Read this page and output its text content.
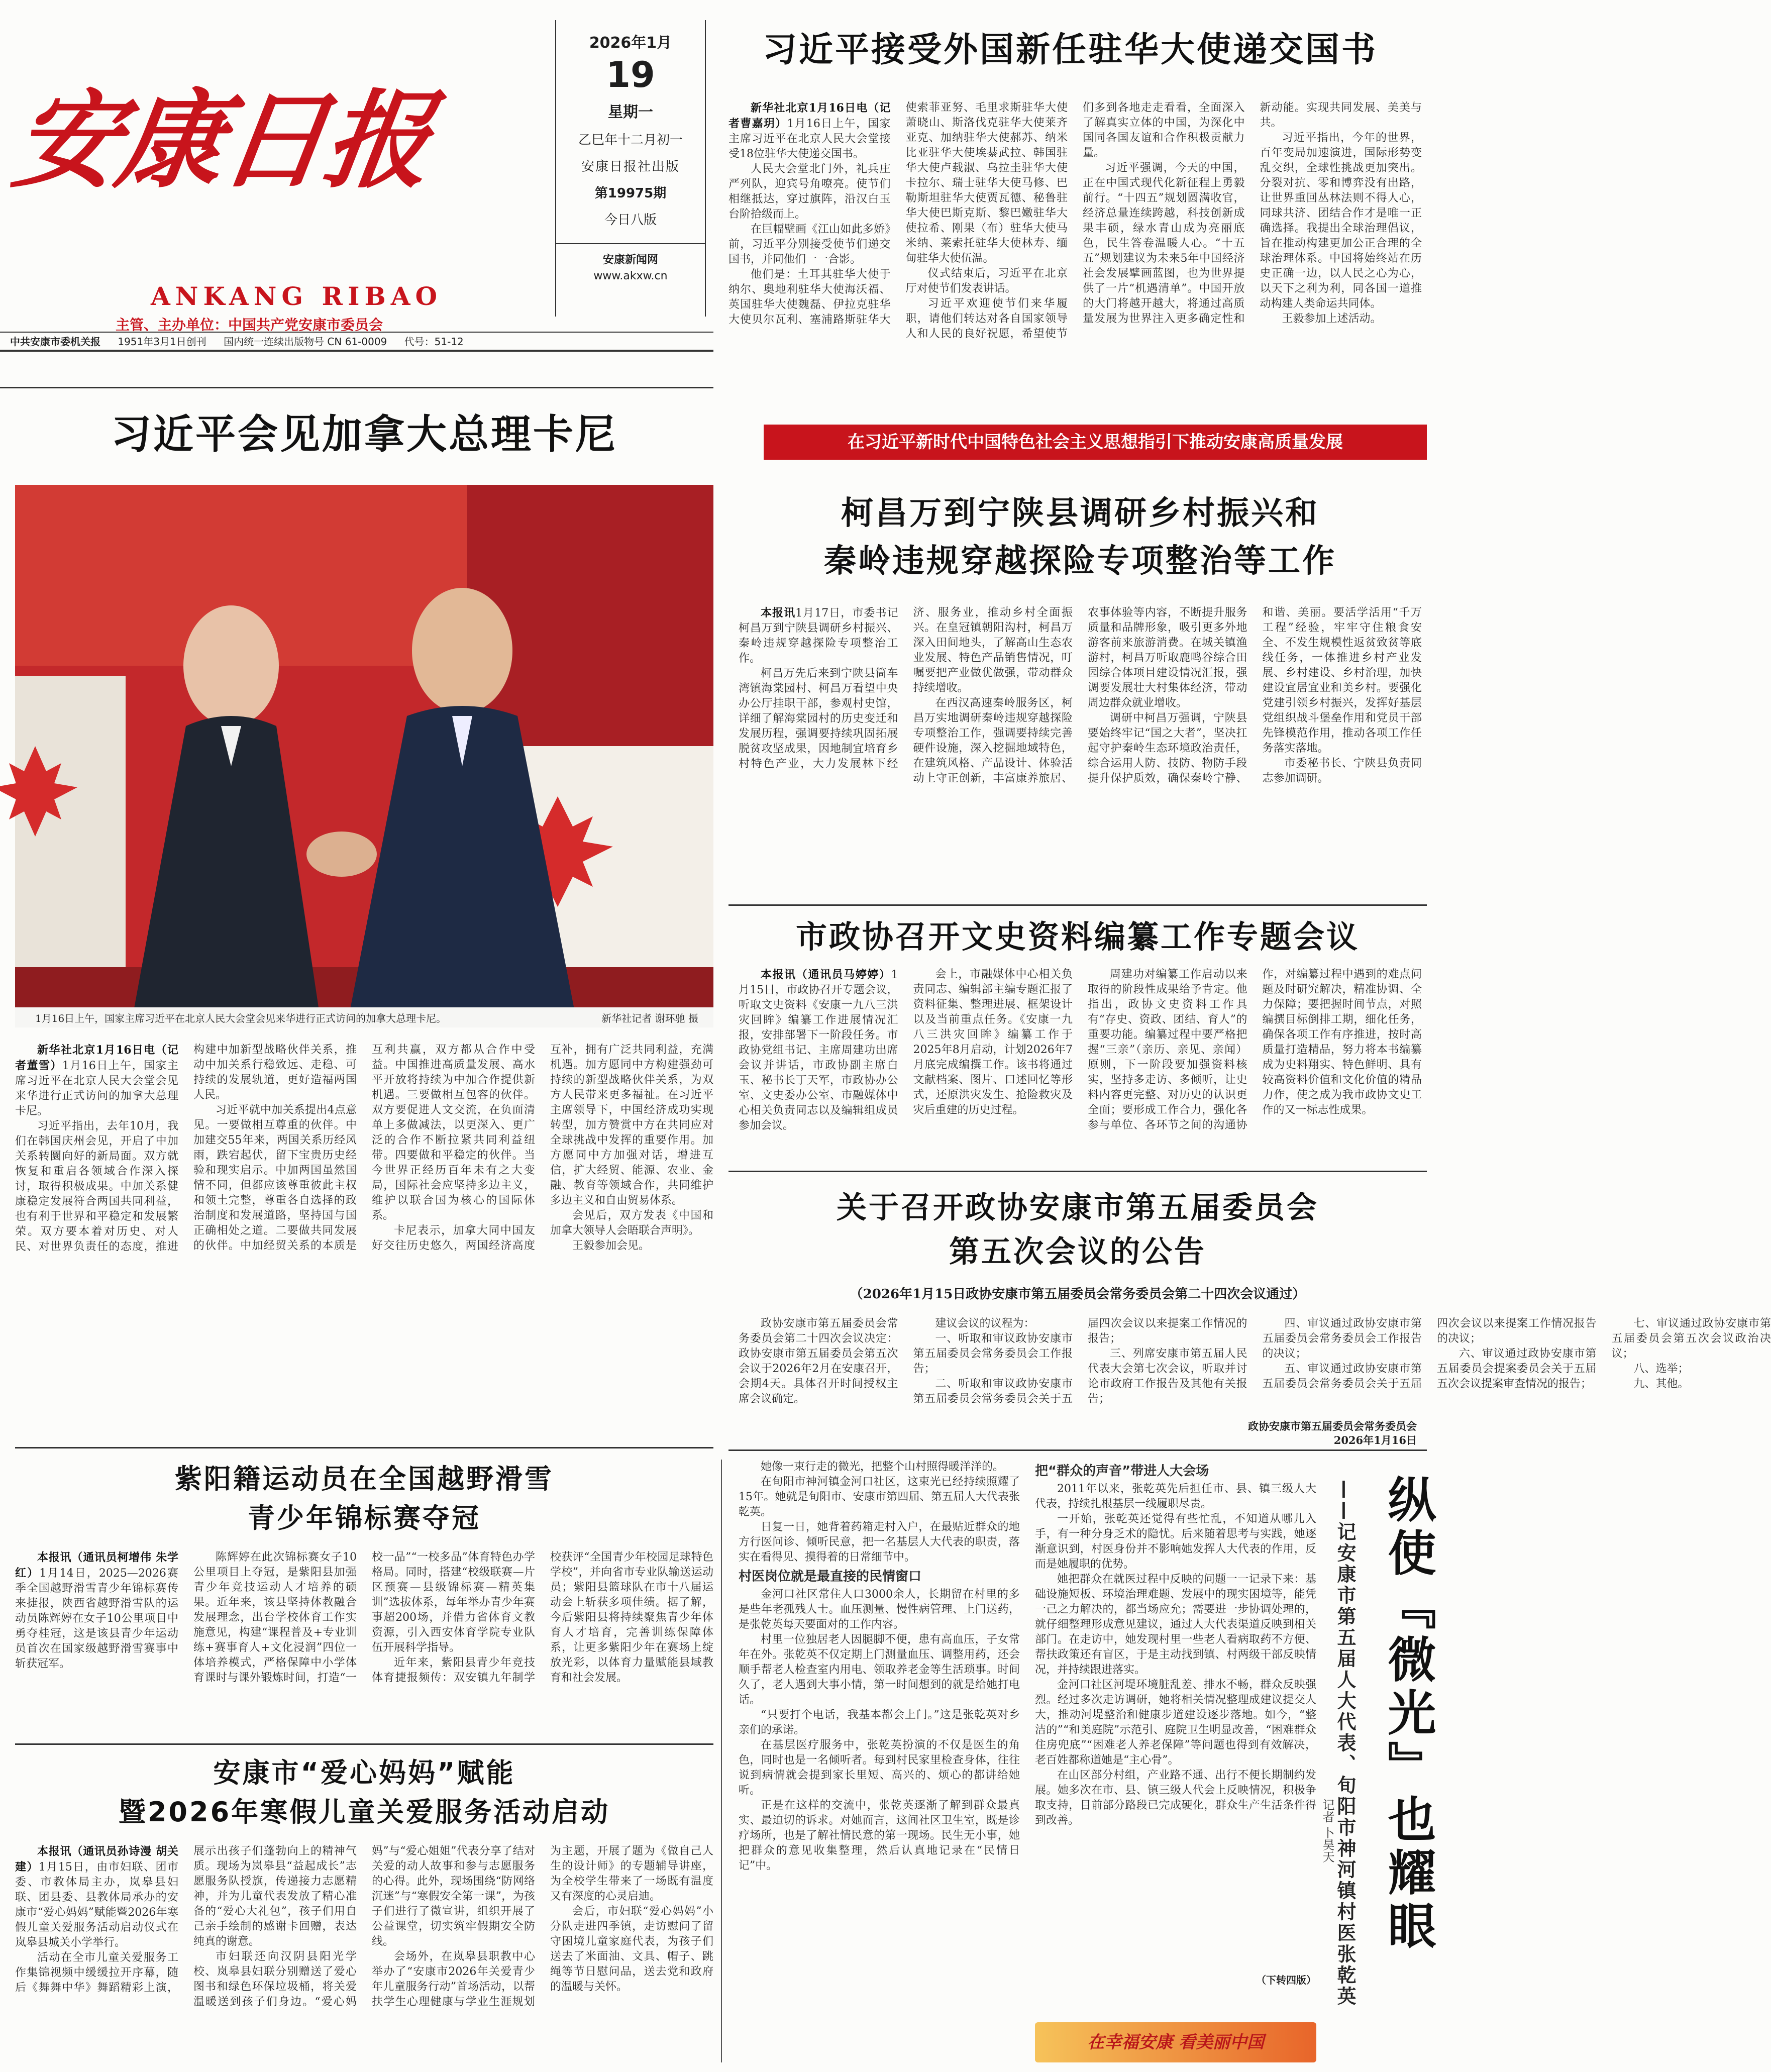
安康日报
ANKANG RIBAO
主管、主办单位：中国共产党安康市委员会
2026年1月
19
星期一
乙巳年十二月初一
安康日报社出版
第19975期
今日八版
安康新闻网
www.akxw.cn
中共安康市委机关报 1951年3月1日创刊 国内统一连续出版物号 CN 61-0009 代号：51-12
习近平接受外国新任驻华大使递交国书

新华社北京1月16日电（记者曹嘉玥）1月16日上午，国家主席习近平在北京人民大会堂接受18位驻华大使递交国书。

人民大会堂北门外，礼兵庄严列队，迎宾号角嘹亮。使节们相继抵达，穿过旗阵，沿汉白玉台阶拾级而上。

在巨幅壁画《江山如此多娇》前，习近平分别接受使节们递交国书，并同他们一一合影。

他们是：土耳其驻华大使于纳尔、奥地利驻华大使海沃福、英国驻华大使魏磊、伊拉克驻华大使贝尔瓦利、塞浦路斯驻华大使索菲亚努、毛里求斯驻华大使萧晓山、斯洛伐克驻华大使莱齐亚克、加纳驻华大使郝苏、纳米比亚驻华大使埃綦武拉、韩国驻华大使卢载淑、乌拉圭驻华大使卡拉尔、瑞士驻华大使马修、巴勒斯坦驻华大使贾瓦德、秘鲁驻华大使巴斯克斯、黎巴嫩驻华大使拉希、刚果（布）驻华大使马米纳、莱索托驻华大使林寿、缅甸驻华大使伍温。

仪式结束后，习近平在北京厅对使节们发表讲话。

习近平欢迎使节们来华履职，请他们转达对各自国家领导人和人民的良好祝愿，希望使节们多到各地走走看看，全面深入了解真实立体的中国，为深化中国同各国友谊和合作积极贡献力量。

习近平强调，今天的中国，正在中国式现代化新征程上勇毅前行。“十四五”规划圆满收官，经济总量连续跨越，科技创新成果丰硕，绿水青山成为亮丽底色，民生答卷温暖人心。“十五五”规划建议为未来5年中国经济社会发展擘画蓝图，也为世界提供了一片“机遇清单”。中国开放的大门将越开越大，将通过高质量发展为世界注入更多确定性和新动能。实现共同发展、美美与共。

习近平指出，今年的世界，百年变局加速演进，国际形势变乱交织，全球性挑战更加突出。分裂对抗、零和博弈没有出路，让世界重回丛林法则不得人心，同球共济、团结合作才是唯一正确选择。我提出全球治理倡议，旨在推动构建更加公正合理的全球治理体系。中国将始终站在历史正确一边，以人民之心为心，以天下之利为利，同各国一道推动构建人类命运共同体。

王毅参加上述活动。

习近平会见加拿大总理卡尼
1月16日上午，国家主席习近平在北京人民大会堂会见来华进行正式访问的加拿大总理卡尼。	新华社记者 谢环驰 摄

新华社北京1月16日电（记者董雪）1月16日上午，国家主席习近平在北京人民大会堂会见来华进行正式访问的加拿大总理卡尼。

习近平指出，去年10月，我们在韩国庆州会见，开启了中加关系转圜向好的新局面。双方就恢复和重启各领域合作深入探讨，取得积极成果。中加关系健康稳定发展符合两国共同利益，也有利于世界和平稳定和发展繁荣。双方要本着对历史、对人民、对世界负责任的态度，推进构建中加新型战略伙伴关系，推动中加关系行稳致远、走稳、可持续的发展轨道，更好造福两国人民。

习近平就中加关系提出4点意见。一要做相互尊重的伙伴。中加建交55年来，两国关系历经风雨，跌宕起伏，留下宝贵历史经验和现实启示。中加两国虽然国情不同，但都应该尊重彼此主权和领土完整，尊重各自选择的政治制度和发展道路，坚持国与国正确相处之道。二要做共同发展的伙伴。中加经贸关系的本质是互利共赢，双方都从合作中受益。中国推进高质量发展、高水平开放将持续为中加合作提供新机遇。三要做相互包容的伙伴。双方要促进人文交流，在负面清单上多做减法，以更深入、更广泛的合作不断拉紧共同利益纽带。四要做和平稳定的伙伴。当今世界正经历百年未有之大变局，国际社会应坚持多边主义，维护以联合国为核心的国际体系。

卡尼表示，加拿大同中国友好交往历史悠久，两国经济高度互补，拥有广泛共同利益，充满机遇。加方愿同中方构建强劲可持续的新型战略伙伴关系，为双方人民带来更多福祉。在习近平主席领导下，中国经济成功实现转型，加方赞赏中方在共同应对全球挑战中发挥的重要作用。加方愿同中方加强对话，增进互信，扩大经贸、能源、农业、金融、教育等领域合作，共同维护多边主义和自由贸易体系。

会见后，双方发表《中国和加拿大领导人会晤联合声明》。

王毅参加会见。

在习近平新时代中国特色社会主义思想指引下推动安康高质量发展
柯昌万到宁陕县调研乡村振兴和
秦岭违规穿越探险专项整治等工作

本报讯1月17日，市委书记柯昌万到宁陕县调研乡村振兴、秦岭违规穿越探险专项整治工作。

柯昌万先后来到宁陕县筒车湾镇海棠园村、柯昌万看望中央办公厅挂职干部，参观村史馆，详细了解海棠园村的历史变迁和发展历程，强调要持续巩固拓展脱贫攻坚成果，因地制宜培育乡村特色产业，大力发展林下经济、服务业，推动乡村全面振兴。在皇冠镇朝阳沟村，柯昌万深入田间地头，了解高山生态农业发展、特色产品销售情况，叮嘱要把产业做优做强，带动群众持续增收。

在西汉高速秦岭服务区，柯昌万实地调研秦岭违规穿越探险专项整治工作，强调要持续完善硬件设施，深入挖掘地域特色，在建筑风格、产品设计、体验活动上守正创新，丰富康养旅居、农事体验等内容，不断提升服务质量和品牌形象，吸引更多外地游客前来旅游消费。在城关镇渔游村，柯昌万听取鹿鸣谷综合田园综合体项目建设情况汇报，强调要发展壮大村集体经济，带动周边群众就业增收。

调研中柯昌万强调，宁陕县要始终牢记“国之大者”，坚决扛起守护秦岭生态环境政治责任，综合运用人防、技防、物防手段提升保护质效，确保秦岭宁静、和谐、美丽。要活学活用“千万工程”经验，牢牢守住粮食安全、不发生规模性返贫致贫等底线任务，一体推进乡村产业发展、乡村建设、乡村治理，加快建设宜居宜业和美乡村。要强化党建引领乡村振兴，发挥好基层党组织战斗堡垒作用和党员干部先锋模范作用，推动各项工作任务落实落地。

市委秘书长、宁陕县负责同志参加调研。

市政协召开文史资料编纂工作专题会议

本报讯（通讯员马婷婷）1月15日，市政协召开专题会议，听取文史资料《安康一九八三洪灾回眸》编纂工作进展情况汇报，安排部署下一阶段任务。市政协党组书记、主席周建功出席会议并讲话，市政协副主席白玉、秘书长丁天军，市政协办公室、文史委办公室、市融媒体中心相关负责同志以及编辑组成员参加会议。

会上，市融媒体中心相关负责同志、编辑部主编专题汇报了资料征集、整理进展、框架设计以及当前重点任务。《安康一九八三洪灾回眸》编纂工作于2025年8月启动，计划2026年7月底完成编撰工作。该书将通过文献档案、图片、口述回忆等形式，还原洪灾发生、抢险救灾及灾后重建的历史过程。

周建功对编纂工作启动以来取得的阶段性成果给予肯定。他指出，政协文史资料工作具有“存史、资政、团结、育人”的重要功能。编纂过程中要严格把握“三亲”（亲历、亲见、亲闻）原则，下一阶段要加强资料核实，坚持多走访、多倾听，让史料内容更完整、对历史的认识更全面；要形成工作合力，强化各参与单位、各环节之间的沟通协作，对编纂过程中遇到的难点问题及时研究解决，精准协调、全力保障；要把握时间节点，对照编撰目标倒排工期，细化任务，确保各项工作有序推进，按时高质量打造精品，努力将本书编纂成为史料翔实、特色鲜明、具有较高资料价值和文化价值的精品力作，使之成为我市政协文史工作的又一标志性成果。

关于召开政协安康市第五届委员会
第五次会议的公告
（2026年1月15日政协安康市第五届委员会常务委员会第二十四次会议通过）

政协安康市第五届委员会常务委员会第二十四次会议决定：政协安康市第五届委员会第五次会议于2026年2月在安康召开，会期4天。具体召开时间授权主席会议确定。

建议会议的议程为：

一、听取和审议政协安康市第五届委员会常务委员会工作报告；

二、听取和审议政协安康市第五届委员会常务委员会关于五届四次会议以来提案工作情况的报告；

三、列席安康市第五届人民代表大会第七次会议，听取并讨论市政府工作报告及其他有关报告；

四、审议通过政协安康市第五届委员会常务委员会工作报告的决议；

五、审议通过政协安康市第五届委员会常务委员会关于五届四次会议以来提案工作情况报告的决议；

六、审议通过政协安康市第五届委员会提案委员会关于五届五次会议提案审查情况的报告；

七、审议通过政协安康市第五届委员会第五次会议政治决议；

八、选举；

九、其他。

政协安康市第五届委员会常务委员会
2026年1月16日
紫阳籍运动员在全国越野滑雪
青少年锦标赛夺冠

本报讯（通讯员柯增伟 朱学红）1月14日，2025—2026赛季全国越野滑雪青少年锦标赛传来捷报，陕西省越野滑雪队的运动员陈辉婷在女子10公里项目中勇夺桂冠，这是该县青少年运动员首次在国家级越野滑雪赛事中斩获冠军。

陈辉婷在此次锦标赛女子10公里项目上夺冠，是紫阳县加强青少年竞技运动人才培养的硕果。近年来，该县坚持体教融合发展理念，出台学校体育工作实施意见，构建“课程普及+专业训练+赛事育人+文化浸润”四位一体培养模式，严格保障中小学体育课时与课外锻炼时间，打造“一校一品”“一校多品”体育特色办学格局。同时，搭建“校级联赛—片区预赛—县级锦标赛—精英集训”选拔体系，每年举办青少年赛事超200场，并借力省体育文教资源，引入西安体育学院专业队伍开展科学指导。

近年来，紫阳县青少年竞技体育捷报频传：双安镇九年制学校获评“全国青少年校园足球特色学校”，并向省市专业队输送运动员；紫阳县篮球队在市十八届运动会上斩获多项佳绩。据了解，今后紫阳县将持续聚焦青少年体育人才培育，完善训练保障体系，让更多紫阳少年在赛场上绽放光彩，以体育力量赋能县域教育和社会发展。

安康市“爱心妈妈”赋能
暨2026年寒假儿童关爱服务活动启动

本报讯（通讯员孙诗漫 胡关建）1月15日，由市妇联、团市委、市教体局主办，岚皋县妇联、团县委、县教体局承办的安康市“爱心妈妈”赋能暨2026年寒假儿童关爱服务活动启动仪式在岚皋县城关小学举行。

活动在全市儿童关爱服务工作集锦视频中缓缓拉开序幕，随后《舞舞中华》舞蹈精彩上演，展示出孩子们蓬勃向上的精神气质。现场为岚皋县“益起成长”志愿服务队授旗，传递接力志愿精神，并为儿童代表发放了精心准备的“爱心大礼包”，孩子们用自己亲手绘制的感谢卡回赠，表达纯真的谢意。

市妇联还向汉阴县阳光学校、岚皋县妇联分别赠送了爱心图书和绿色环保垃圾桶，将关爱温暖送到孩子们身边。“爱心妈妈”与“爱心姐姐”代表分享了结对关爱的动人故事和参与志愿服务的心得。此外，现场围绕“防网络沉迷”与“寒假安全第一课”，为孩子们进行了微宣讲，组织开展了公益课堂，切实筑牢假期安全防线。

会场外，在岚皋县职教中心举办了“安康市2026年关爱青少年儿童服务行动”首场活动，以帮扶学生心理健康与学业生涯规划为主题，开展了题为《做自己人生的设计师》的专题辅导讲座，为全校学生带来了一场既有温度又有深度的心灵启迪。

会后，市妇联“爱心妈妈”小分队走进四季镇，走访慰问了留守困境儿童家庭代表，为孩子们送去了米面油、文具、帽子、跳绳等节日慰问品，送去党和政府的温暖与关怀。

她像一束行走的微光，把整个山村照得暖洋洋的。

在旬阳市神河镇金河口社区，这束光已经持续照耀了15年。她就是旬阳市、安康市第四届、第五届人大代表张乾英。

日复一日，她背着药箱走村入户，在最贴近群众的地方行医问诊、倾听民意，把一名基层人大代表的职责，落实在看得见、摸得着的日常细节中。

村医岗位就是最直接的民情窗口

金河口社区常住人口3000余人，长期留在村里的多是些年老孤残人士。血压测量、慢性病管理、上门送药，是张乾英每天要面对的工作内容。

村里一位独居老人因腿脚不便，患有高血压，子女常年在外。张乾英不仅定期上门测量血压、调整用药，还会顺手帮老人检查室内用电、领取养老金等生活琐事。时间久了，老人遇到大事小情，第一时间想到的就是给她打电话。

“只要打个电话，我基本都会上门。”这是张乾英对乡亲们的承诺。

在基层医疗服务中，张乾英扮演的不仅是医生的角色，同时也是一名倾听者。每到村民家里检查身体，往往说到病情就会提到家长里短、高兴的、烦心的都讲给她听。

正是在这样的交流中，张乾英逐渐了解到群众最真实、最迫切的诉求。对她而言，这间社区卫生室，既是诊疗场所，也是了解社情民意的第一现场。民生无小事，她把群众的意见收集整理，然后认真地记录在“民情日记”中。

把“群众的声音”带进人大会场

2011年以来，张乾英先后担任市、县、镇三级人大代表，持续扎根基层一线履职尽责。

一开始，张乾英还觉得有些忙乱，不知道从哪儿入手，有一种分身乏术的隐忧。后来随着思考与实践，她逐渐意识到，村医身份并不影响她发挥人大代表的作用，反而是她履职的优势。

她把群众在就医过程中反映的问题一一记录下来：基础设施短板、环境治理难题、发展中的现实困境等，能凭一己之力解决的，都当场应允；需要进一步协调处理的，就仔细整理形成意见建议，通过人大代表渠道反映到相关部门。在走访中，她发现村里一些老人看病取药不方便、帮扶政策还有盲区，于是主动找到镇、村两级干部反映情况，并持续跟进落实。

金河口社区河堤环境脏乱差、排水不畅，群众反映强烈。经过多次走访调研，她将相关情况整理成建议提交人大，推动河堤整治和健康步道建设逐步落地。如今，“整洁的”“和美庭院”示范引、庭院卫生明显改善，“困难群众住房兜底”“困难老人养老保障”等问题也得到有效解决，老百姓都称道她是“主心骨”。

在山区部分村组，产业路不通、出行不便长期制约发展。她多次在市、县、镇三级人代会上反映情况，积极争取支持，目前部分路段已完成硬化，群众生产生活条件得到改善。

（下转四版）
纵使『微光』也耀眼
——记安康市第五届人大代表、旬阳市神河镇村医张乾英
记者 卜昊天
在幸福安康 看美丽中国
